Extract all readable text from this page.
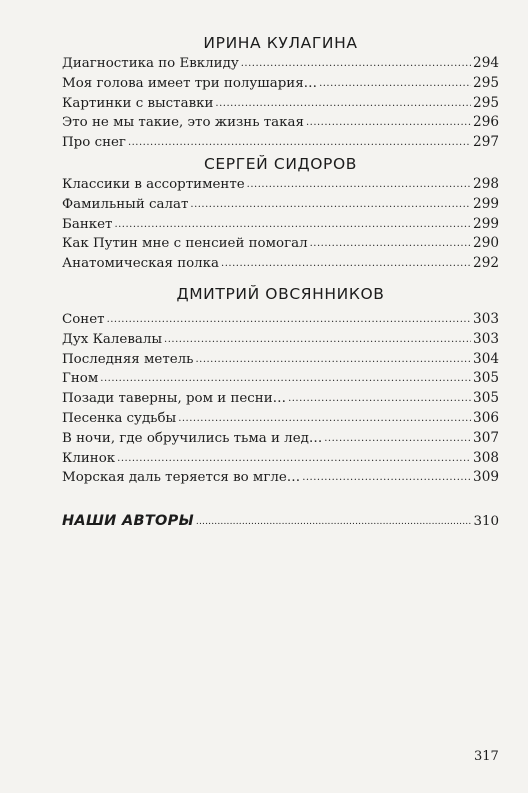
ИРИНА КУЛАГИНА
Диагностика по Евклиду .....	294
Моя голова имеет три полушария… .....	295
Картинки с выставки .....	295
Это не мы такие, это жизнь такая .....	296
Про снег .....	297
СЕРГЕЙ СИДОРОВ
Классики в ассортименте .....	298
Фамильный салат .....	299
Банкет .....	299
Как Путин мне с пенсией помогал .....	290
Анатомическая полка .....	292
ДМИТРИЙ ОВСЯННИКОВ
Сонет .....	303
Дух Калевалы .....	303
Последняя метель .....	304
Гном .....	305
Позади таверны, ром и песни… .....	305
Песенка судьбы .....	306
В ночи, где обручились тьма и лед… .....	307
Клинок .....	308
Морская даль теряется во мгле… .....	309
НАШИ АВТОРЫ .....	310
317
